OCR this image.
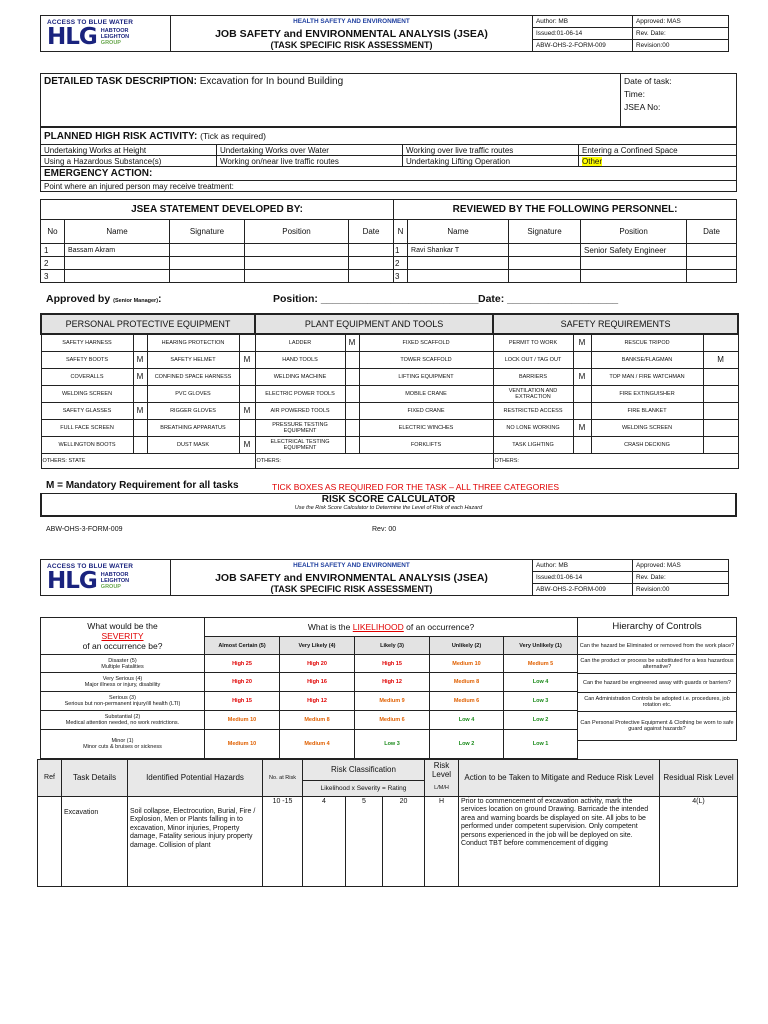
ACCESS TO BLUE WATER
HLG HABTOOR
LEIGHTON
GROUP	HEALTH SAFETY AND ENVIRONMENT	Author: MB	Approved: MAS

	JOB SAFETY and ENVIRONMENTAL ANALYSIS (JSEA)
(TASK SPECIFIC RISK ASSESSMENT)	Issued:01-06-14	Rev. Date:
		ABW-OHS-2-FORM-009	Revision:00
DETAILED TASK DESCRIPTION: Excavation for In bound Building	Date of task:
Time:
JSEA No:
PLANNED HIGH RISK ACTIVITY: (Tick as required)			
Undertaking Works at Height	Undertaking Works over Water	Working over live traffic routes	Entering a Confined Space
Using a Hazardous Substance(s)	Working on/near live traffic routes	Undertaking Lifting Operation	Other
EMERGENCY ACTION:			
Point where an injured person may receive treatment:			
JSEA STATEMENT DEVELOPED BY:					REVIEWED BY THE FOLLOWING PERSONNEL:				
No	Name	Signature	Position	Date	N	Name	Signature	Position	Date
1	Bassam Akram				1	Ravi Shankar T		Senior Safety Engineer	
2					2				
3					3				
Approved by (Senior Manager):	Position: ___________________________ Date: ___________________
PERSONAL PROTECTIVE EQUIPMENT				PLANT EQUIPMENT AND TOOLS			SAFETY REQUIREMENTS			
SAFETY HARNESS		HEARING PROTECTION		LADDER	M	FIXED SCAFFOLD		PERMIT TO WORK	M	RESCUE TRIPOD	
SAFETY BOOTS	M	SAFETY HELMET	M	HAND TOOLS		TOWER SCAFFOLD		LOCK OUT / TAG OUT		BANKSE/FLAGMAN	M
COVERALLS	M	CONFINED SPACE HARNESS		WELDING MACHINE		LIFTING EQUIPMENT		BARRIERS	M	TOP MAN / FIRE WATCHMAN	
WELDING SCREEN		PVC GLOVES		ELECTRIC POWER TOOLS		MOBILE CRANE		VENTILATION AND EXTRACTION		FIRE EXTINGUISHER	
SAFETY GLASSES	M	RIGGER GLOVES	M	AIR POWERED TOOLS		FIXED CRANE		RESTRICTED ACCESS		FIRE BLANKET	
FULL FACE SCREEN		BREATHING APPARATUS		PRESSURE TESTING EQUIPMENT		ELECTRIC WINCHES		NO LONE WORKING	M	WELDING SCREEN	
WELLINGTON BOOTS		DUST MASK	M	ELECTRICAL TESTING EQUIPMENT		FORKLIFTS		TASK LIGHTING		CRASH DECKING	
OTHERS: STATE				OTHERS:			OTHERS:			
M = Mandatory Requirement for all tasks	TICK BOXES AS REQUIRED FOR THE TASK – ALL THREE CATEGORIES
RISK SCORE CALCULATOR
Use the Risk Score Calculator to Determine the Level of Risk of each Hazard
ABW-OHS-3-FORM-009	Rev: 00
ACCESS TO BLUE WATER
HLG HABTOOR
LEIGHTON
GROUP	HEALTH SAFETY AND ENVIRONMENT	Author: MB	Approved: MAS

	JOB SAFETY and ENVIRONMENTAL ANALYSIS (JSEA)
(TASK SPECIFIC RISK ASSESSMENT)	Issued:01-06-14	Rev. Date:
		ABW-OHS-2-FORM-009	Revision:00
What would be the
SEVERITY
of an occurrence be?	What is the LIKELIHOOD of an occurrence?				
	Almost Certain (5)	Very Likely (4)	Likely (3)	Unlikely (2)	Very Unlikely (1)

Disaster (5)
Multiple Fatalities	High 25	High 20	High 15	Medium 10	Medium 5

Very Serious (4)
Major illness or injury, disability	High 20	High 16	High 12	Medium 8	Low 4

Serious (3)
Serious but non-permanent injury/ill health (LTI)	High 15	High 12	Medium 9	Medium 6	Low 3

Substantial (2)
Medical attention needed, no work restrictions.	Medium 10	Medium 8	Medium 6	Low 4	Low 2

Minor (1)
Minor cuts & bruises or sickness	Medium 10	Medium 4	Low 3	Low 2	Low 1
Hierarchy of Controls
Can the hazard be Eliminated or removed from the work place?
Can the product or process be substituted for a less hazardous alternative?
Can the hazard be engineered away with guards or barriers?
Can Administration Controls be adopted i.e. procedures, job rotation etc.
Can Personal Protective Equipment & Clothing be worn to safe guard against hazards?
Ref	Task Details	Identified Potential Hazards	No. at Risk	Risk Classification			Risk Level	Action to be Taken to Mitigate and Reduce Risk Level	Residual Risk Level
				Likelihood x Severity = Rating			L/M/H		
	Excavation	Soil collapse, Electrocution, Burial, Fire / Explosion, Men or Plants falling in to excavation, Minor injuries, Property damage, Fatality serious injury property damage. Collision of plant	10 -15	4	5	20	H	Prior to commencement of excavation activity, mark the services location on ground Drawing. Barricade the intended area and warning boards be displayed on site. All jobs to be performed under competent supervision. Only competent persons experienced in the job will be deployed on site. Conduct TBT before commencement of digging	4(L)
